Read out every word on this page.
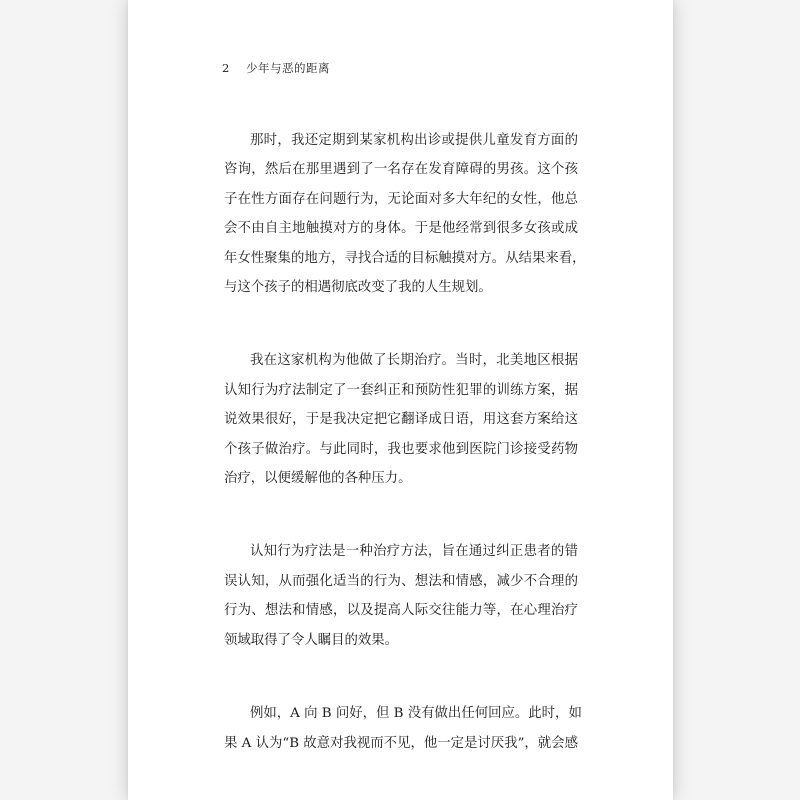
2 少年与恶的距离
那时，我还定期到某家机构出诊或提供儿童发育方面的
咨询，然后在那里遇到了一名存在发育障碍的男孩。这个孩
子在性方面存在问题行为，无论面对多大年纪的女性，他总
会不由自主地触摸对方的身体。于是他经常到很多女孩或成
年女性聚集的地方，寻找合适的目标触摸对方。从结果来看，
与这个孩子的相遇彻底改变了我的人生规划。
我在这家机构为他做了长期治疗。当时，北美地区根据
认知行为疗法制定了一套纠正和预防性犯罪的训练方案，据
说效果很好，于是我决定把它翻译成日语，用这套方案给这
个孩子做治疗。与此同时，我也要求他到医院门诊接受药物
治疗，以便缓解他的各种压力。
认知行为疗法是一种治疗方法，旨在通过纠正患者的错
误认知，从而强化适当的行为、想法和情感，减少不合理的
行为、想法和情感，以及提高人际交往能力等，在心理治疗
领域取得了令人瞩目的效果。
例如，A 向 B 问好，但 B 没有做出任何回应。此时，如
果 A 认为“B 故意对我视而不见，他一定是讨厌我”，就会感
